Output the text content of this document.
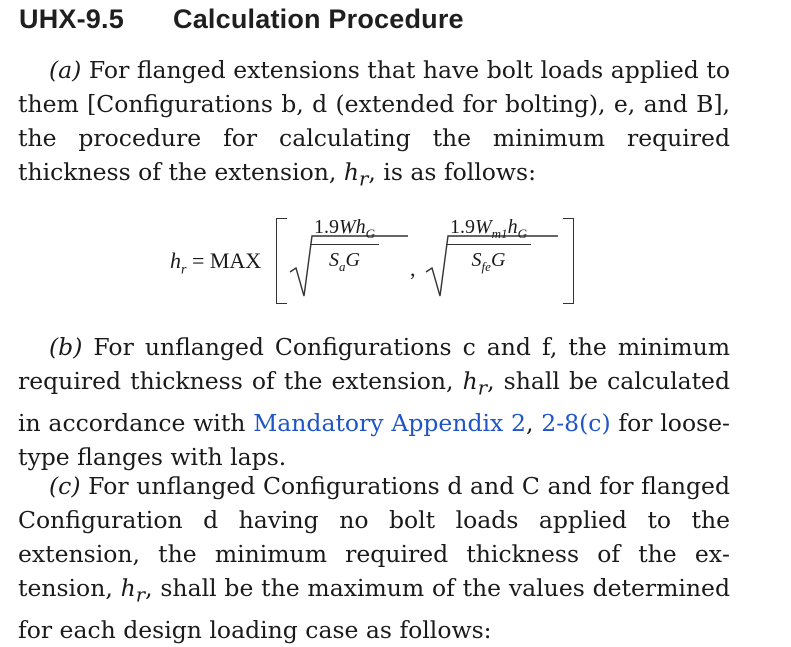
UHX-9.5 Calculation Procedure
(a) For flanged extensions that have bolt loads applied to them [Configurations b, d (extended for bolting), e, and B], the procedure for calculating the minimum required thickness of the extension, $h_r$, is as follows:
$h_r$ = MAX
$1.9Wh_G$
$S_aG$	,
$1.9W_{m1}h_G$
$S_{fe}G$
(b) For unflanged Configurations c and f, the minimum required thickness of the extension, $h_r$, shall be calculated in accordance with Mandatory Appendix 2, 2-8(c) for loose-type flanges with laps.
(c) For unflanged Configurations d and C and for flanged Configuration d having no bolt loads applied to the extension, the minimum required thickness of the extension, $h_r$, shall be the maximum of the values determined for each design loading case as follows:
